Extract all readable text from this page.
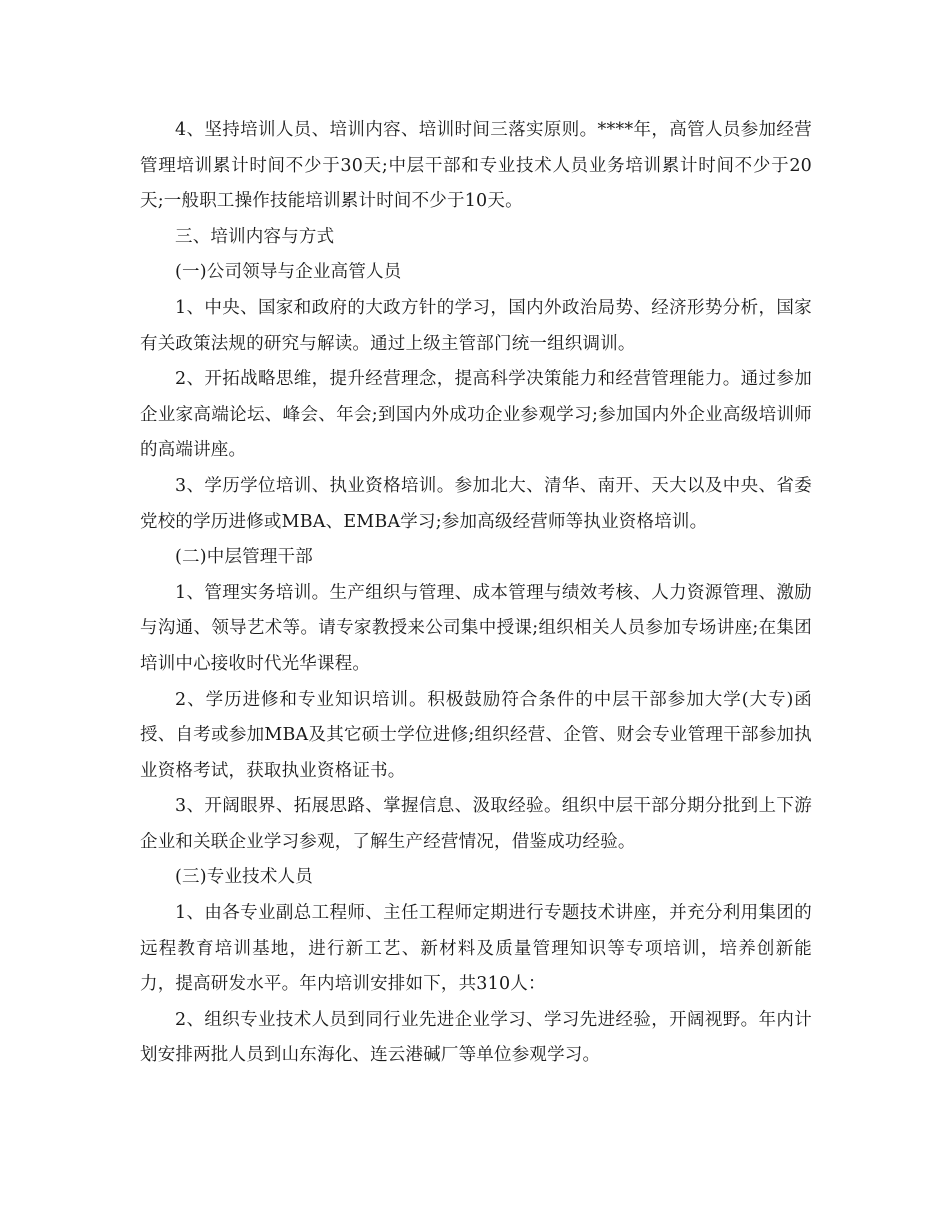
4、坚持培训人员、培训内容、培训时间三落实原则。****年，高管人员参加经营管理培训累计时间不少于30天;中层干部和专业技术人员业务培训累计时间不少于20天;一般职工操作技能培训累计时间不少于10天。

三、培训内容与方式

(一)公司领导与企业高管人员

1、中央、国家和政府的大政方针的学习，国内外政治局势、经济形势分析，国家有关政策法规的研究与解读。通过上级主管部门统一组织调训。

2、开拓战略思维，提升经营理念，提高科学决策能力和经营管理能力。通过参加企业家高端论坛、峰会、年会;到国内外成功企业参观学习;参加国内外企业高级培训师的高端讲座。

3、学历学位培训、执业资格培训。参加北大、清华、南开、天大以及中央、省委党校的学历进修或MBA、EMBA学习;参加高级经营师等执业资格培训。

(二)中层管理干部

1、管理实务培训。生产组织与管理、成本管理与绩效考核、人力资源管理、激励与沟通、领导艺术等。请专家教授来公司集中授课;组织相关人员参加专场讲座;在集团培训中心接收时代光华课程。

2、学历进修和专业知识培训。积极鼓励符合条件的中层干部参加大学(大专)函授、自考或参加MBA及其它硕士学位进修;组织经营、企管、财会专业管理干部参加执业资格考试，获取执业资格证书。

3、开阔眼界、拓展思路、掌握信息、汲取经验。组织中层干部分期分批到上下游企业和关联企业学习参观，了解生产经营情况，借鉴成功经验。

(三)专业技术人员

1、由各专业副总工程师、主任工程师定期进行专题技术讲座，并充分利用集团的远程教育培训基地，进行新工艺、新材料及质量管理知识等专项培训，培养创新能力，提高研发水平。年内培训安排如下，共310人：

2、组织专业技术人员到同行业先进企业学习、学习先进经验，开阔视野。年内计划安排两批人员到山东海化、连云港碱厂等单位参观学习。
